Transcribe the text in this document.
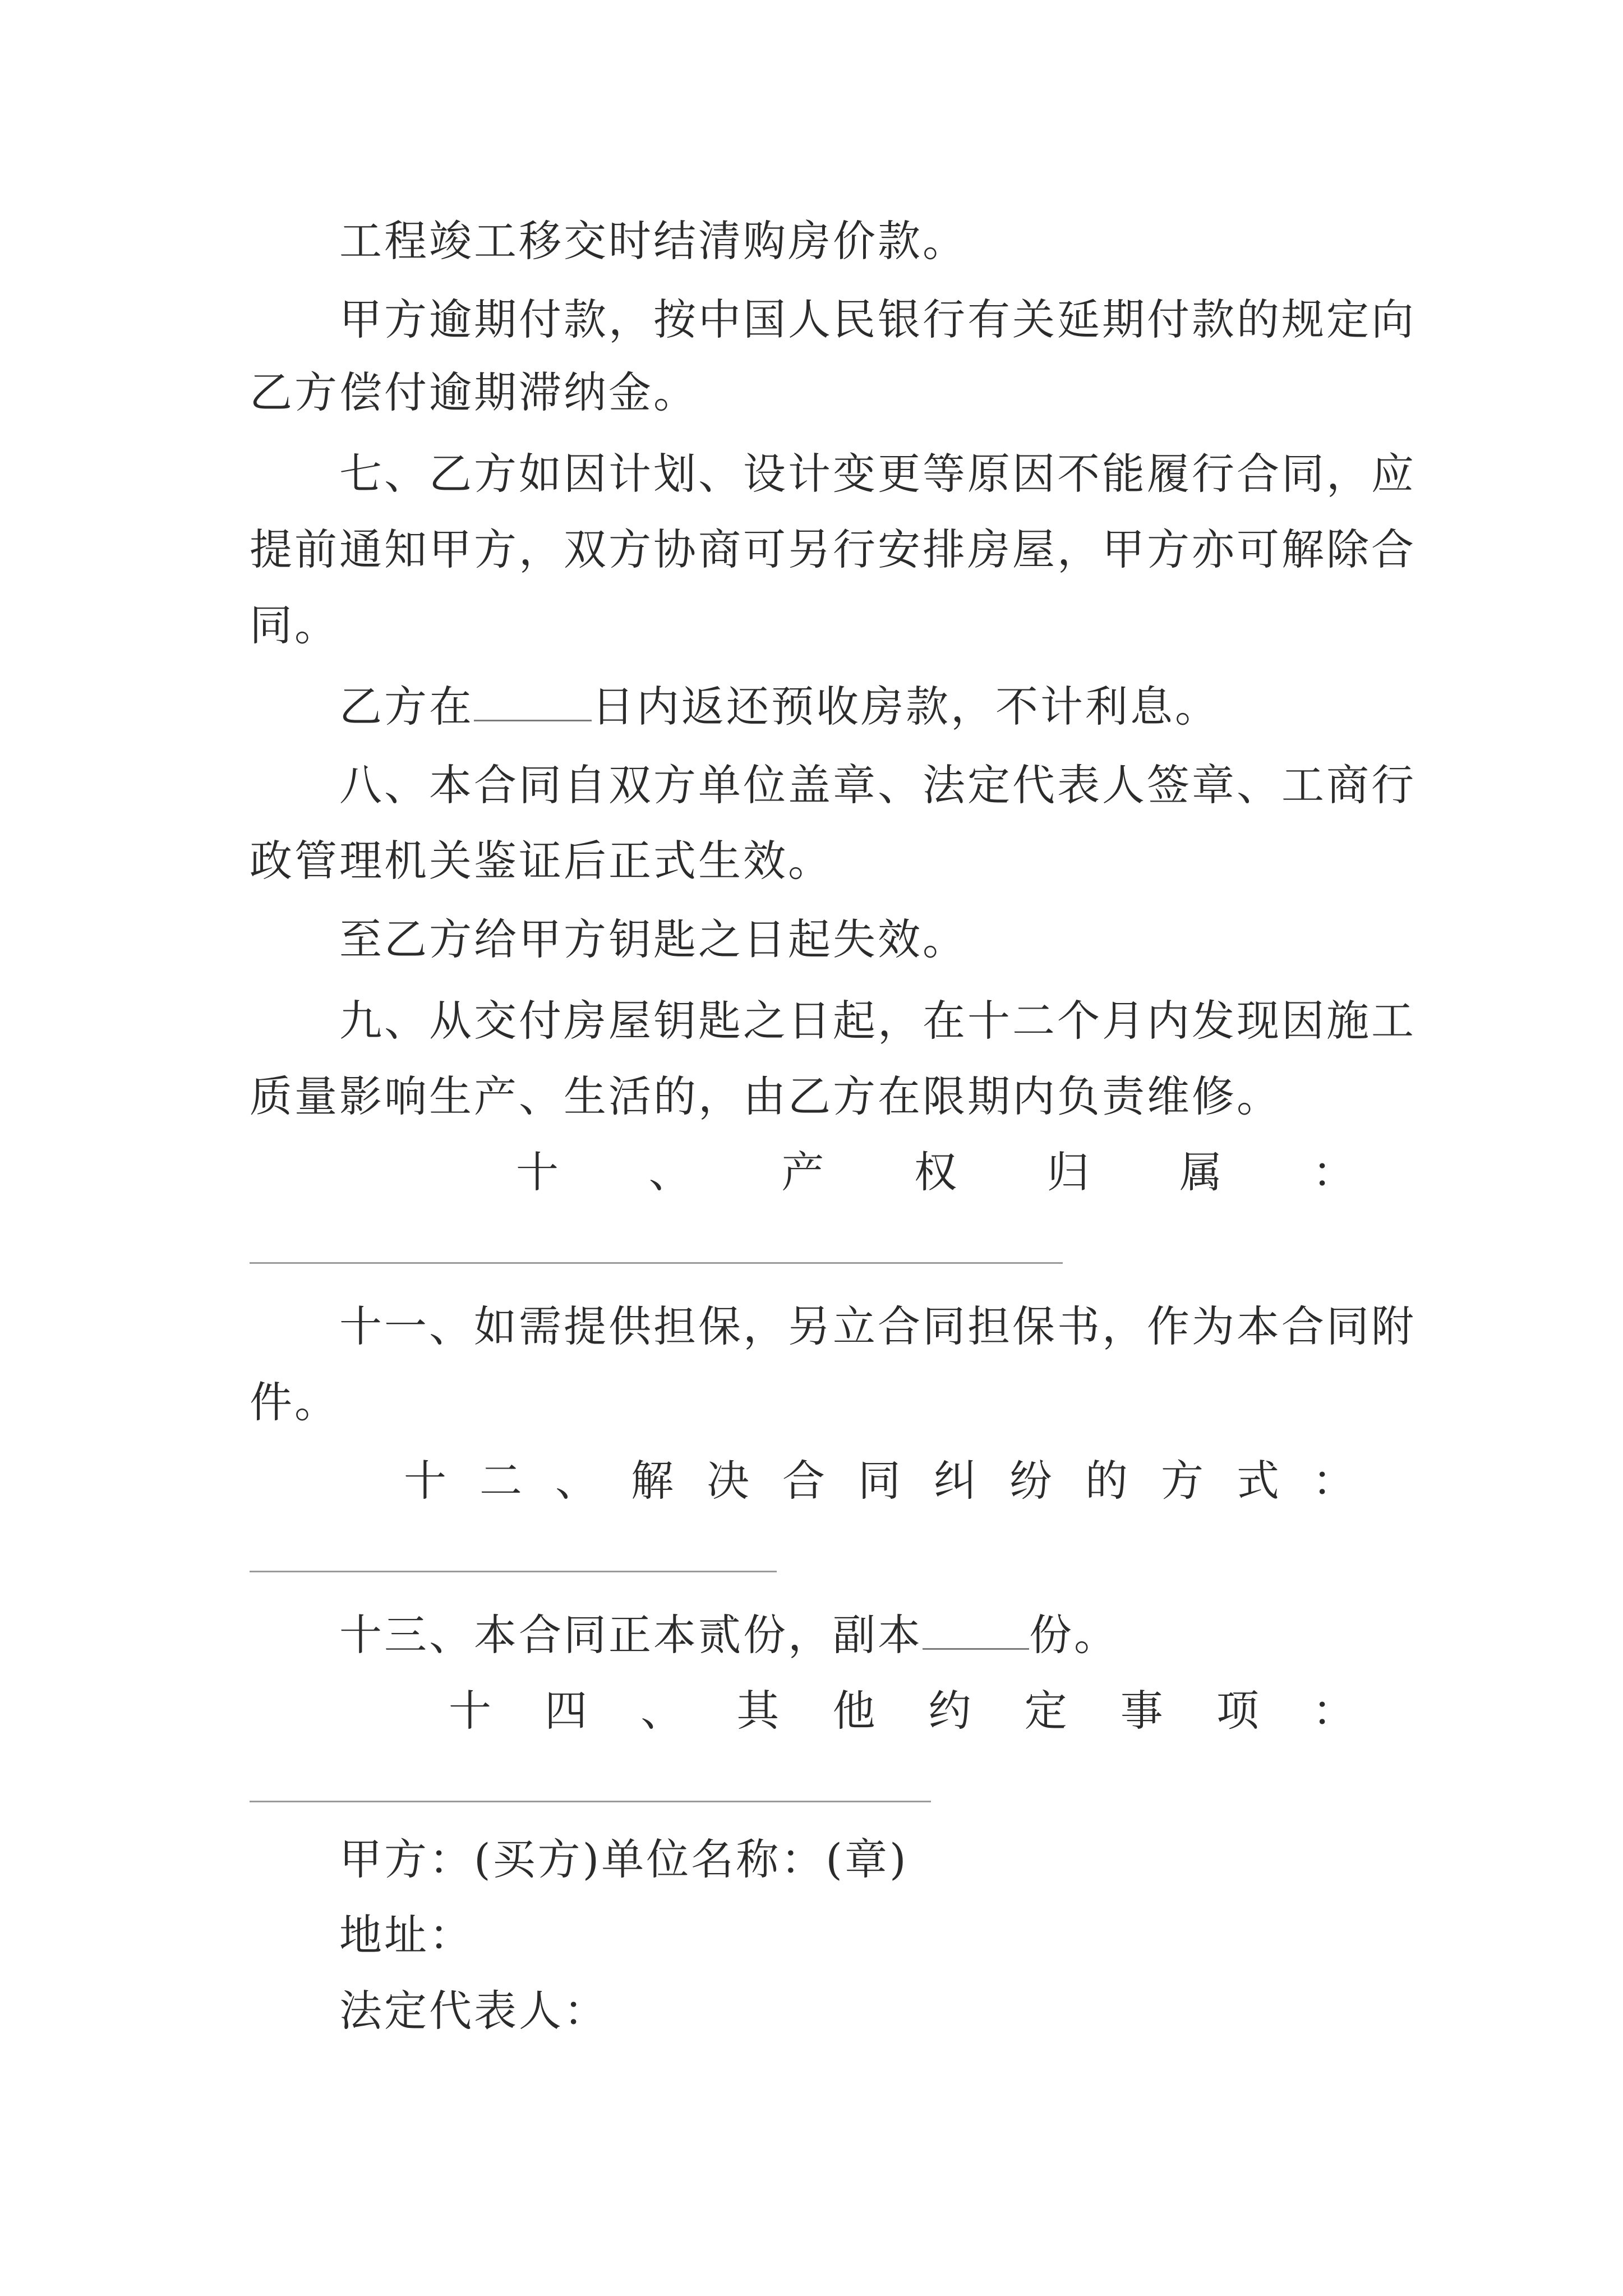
工程竣工移交时结清购房价款。
甲方逾期付款，按中国人民银行有关延期付款的规定向
乙方偿付逾期滞纳金。
七、乙方如因计划、设计变更等原因不能履行合同，应
提前通知甲方，双方协商可另行安排房屋，甲方亦可解除合
同。
乙方在	日内返还预收房款，不计利息。
八、本合同自双方单位盖章、法定代表人签章、工商行
政管理机关鉴证后正式生效。
至乙方给甲方钥匙之日起失效。
九、从交付房屋钥匙之日起，在十二个月内发现因施工
质量影响生产、生活的，由乙方在限期内负责维修。
十 、 产 权 归 属 ：
十一、如需提供担保，另立合同担保书，作为本合同附
件。
十 二 、 解 决 合 同 纠 纷 的 方 式 ：
十三、本合同正本贰份，副本	份。
十 四 、 其 他 约 定 事 项 ：
甲方：(买方)单位名称：(章)
地址：
法定代表人：
